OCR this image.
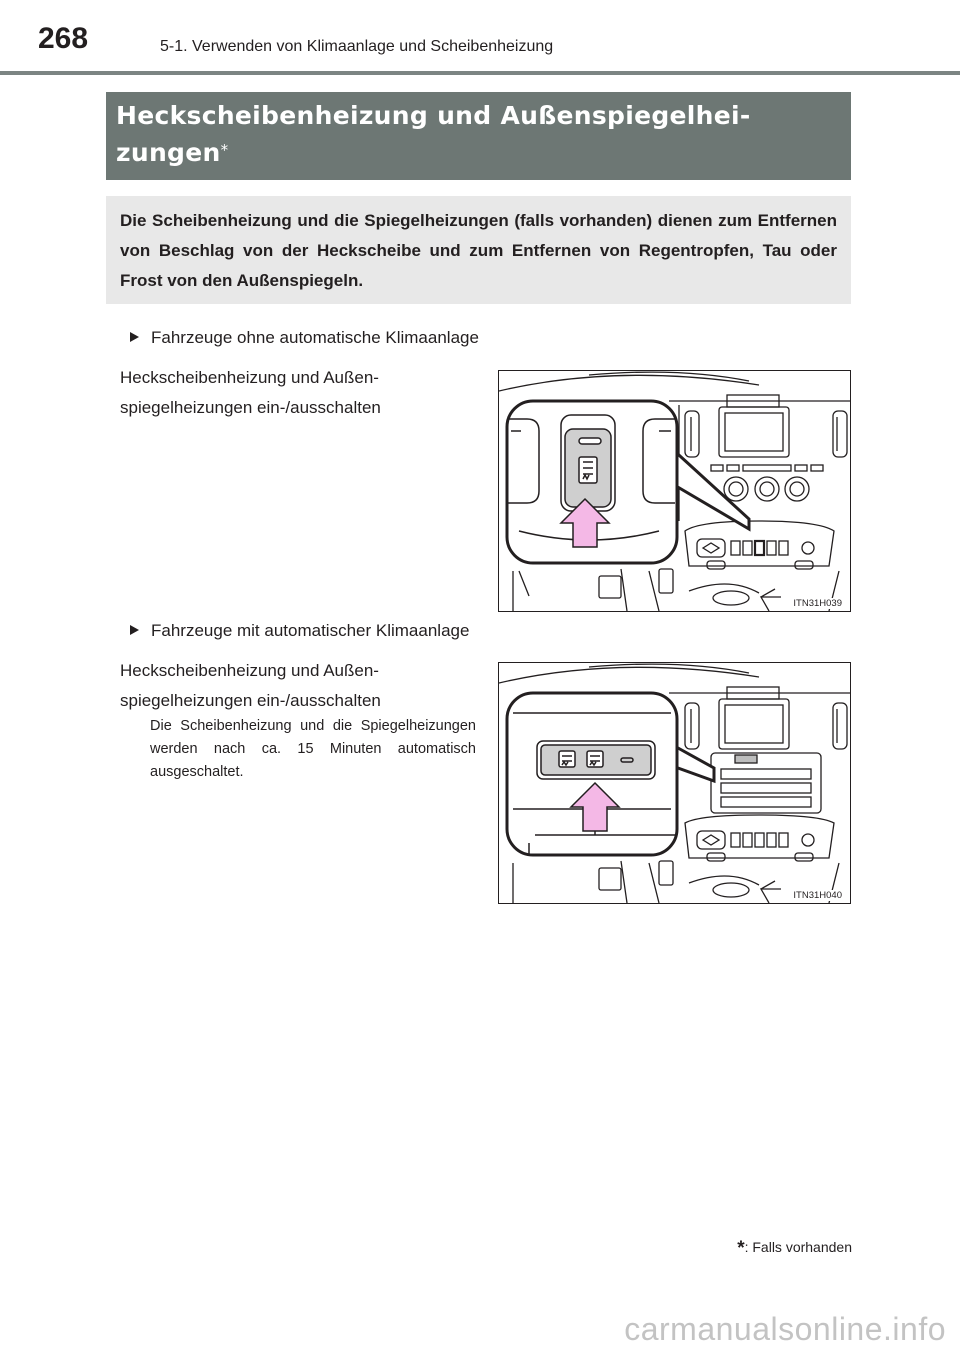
268	5-1. Verwenden von Klimaanlage und Scheibenheizung
Heckscheibenheizung und Außenspiegelhei-
zungen*
Die Scheibenheizung und die Spiegelheizungen (falls vorhanden) dienen zum Entfernen von Beschlag von der Heckscheibe und zum Entfernen von Regentropfen, Tau oder Frost von den Außenspiegeln.
Fahrzeuge ohne automatische Klimaanlage
Heckscheibenheizung und Außen-
spiegelheizungen ein-/ausschalten
ITN31H039
Fahrzeuge mit automatischer Klimaanlage
Heckscheibenheizung und Außen-
spiegelheizungen ein-/ausschalten
Die Scheibenheizung und die Spiegelheizungen werden nach ca. 15 Minuten automatisch ausgeschaltet.
ITN31H040
*: Falls vorhanden
carmanualsonline.info
